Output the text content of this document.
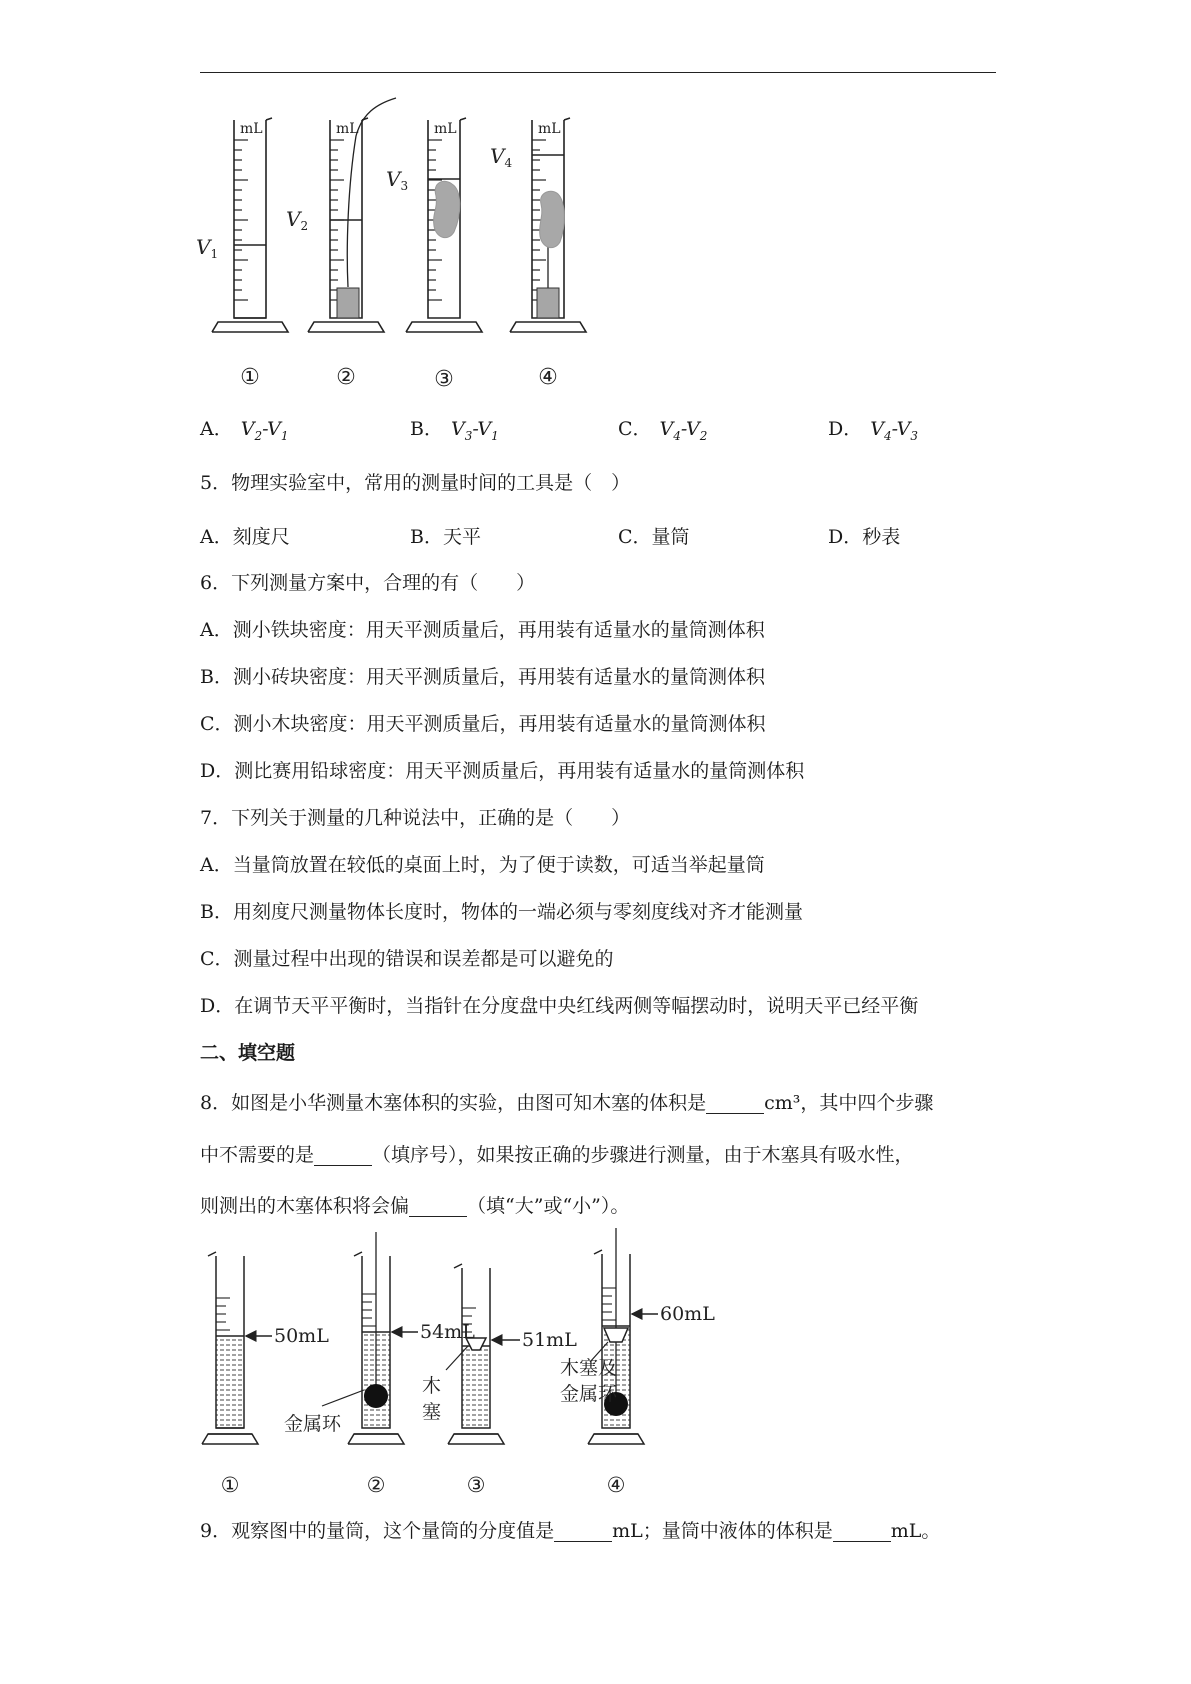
mL	mL	mL	mL
$V_1$
$V_2$
$V_3$
$V_4$
①	②	③	④
A． $V_2-V_1$	B． $V_3-V_1$	C． $V_4-V_2$	D． $V_4-V_3$
5．物理实验室中，常用的测量时间的工具是（　）
A．刻度尺	B．天平	C．量筒	D．秒表
6．下列测量方案中，合理的有（　　）
A．测小铁块密度：用天平测质量后，再用装有适量水的量筒测体积
B．测小砖块密度：用天平测质量后，再用装有适量水的量筒测体积
C．测小木块密度：用天平测质量后，再用装有适量水的量筒测体积
D．测比赛用铅球密度：用天平测质量后，再用装有适量水的量筒测体积
7．下列关于测量的几种说法中，正确的是（　　）
A．当量筒放置在较低的桌面上时，为了便于读数，可适当举起量筒
B．用刻度尺测量物体长度时，物体的一端必须与零刻度线对齐才能测量
C．测量过程中出现的错误和误差都是可以避免的
D．在调节天平平衡时，当指针在分度盘中央红线两侧等幅摆动时，说明天平已经平衡
二、填空题
8．如图是小华测量木塞体积的实验，由图可知木塞的体积是	cm³，其中四个步骤
中不需要的是	（填序号），如果按正确的步骤进行测量，由于木塞具有吸水性，
则测出的木塞体积将会偏	（填“大”或“小”）。
50mL	54mL 51mL
60mL
金属环
木
塞
木塞及
金属环
①	②	③	④
9．观察图中的量筒，这个量筒的分度值是	mL；量筒中液体的体积是	mL。
